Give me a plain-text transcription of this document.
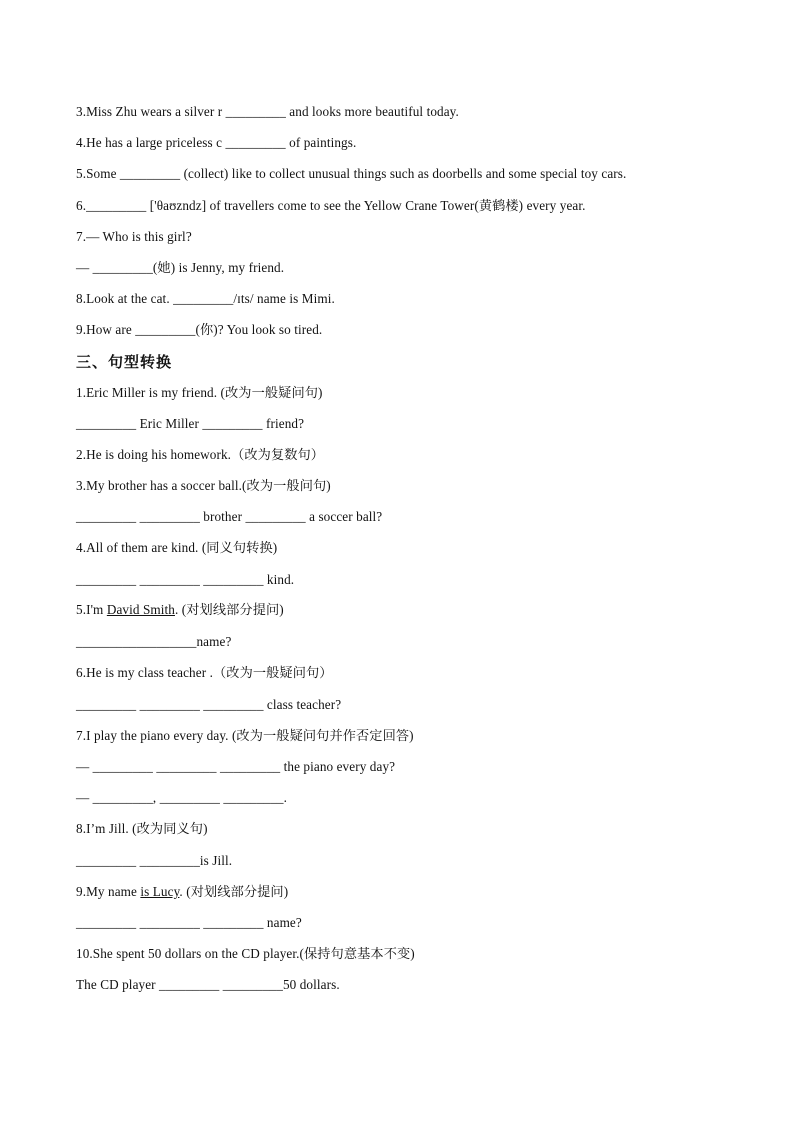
3.Miss Zhu wears a silver r _________ and looks more beautiful today.
4.He has a large priceless c _________ of paintings.
5.Some _________ (collect) like to collect unusual things such as doorbells and some special toy cars.
6._________ ['θaʊzndz] of travellers come to see the Yellow Crane Tower(黄鹤楼) every year.
7.— Who is this girl?
— _________(她) is Jenny, my friend.
8.Look at the cat. _________/ɪts/ name is Mimi.
9.How are _________(你)? You look so tired.
三、句型转换
1.Eric Miller is my friend. (改为一般疑问句)
_________ Eric Miller _________ friend?
2.He is doing his homework.（改为复数句）
3.My brother has a soccer ball.(改为一般问句)
_________ _________ brother _________ a soccer ball?
4.All of them are kind. (同义句转换)
_________ _________ _________ kind.
5.I'm David Smith. (对划线部分提问)
__________________name?
6.He is my class teacher .（改为一般疑问句）
_________ _________ _________ class teacher?
7.I play the piano every day. (改为一般疑问句并作否定回答)
— _________ _________ _________ the piano every day?
— _________, _________ _________.
8.I’m Jill. (改为同义句)
_________ _________is Jill.
9.My name is Lucy. (对划线部分提问)
_________ _________ _________ name?
10.She spent 50 dollars on the CD player.(保持句意基本不变)
The CD player _________ _________50 dollars.
